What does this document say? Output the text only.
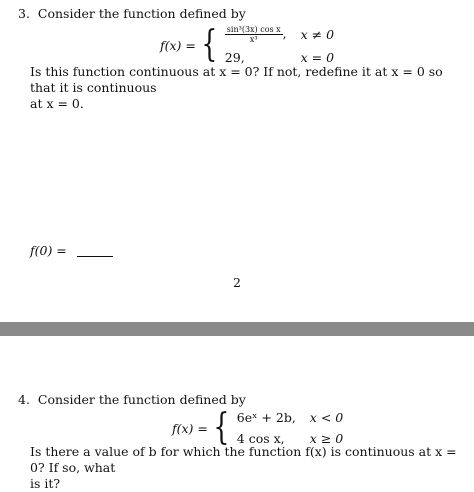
3. Consider the function defined by
f(x) = { $\frac{\text{sin³(3x) cos x}}{\text{x³}}$ , x ≠ 0
29,	x = 0
Is this function continuous at x = 0? If not, redefine it at x = 0 so that it is continuous
at x = 0.
f(0) =
2
4. Consider the function defined by
f(x) = { 6eˣ + 2b, x < 0
4 cos x,	x ≥ 0
Is there a value of b for which the function f(x) is continuous at x = 0? If so, what
is it?
